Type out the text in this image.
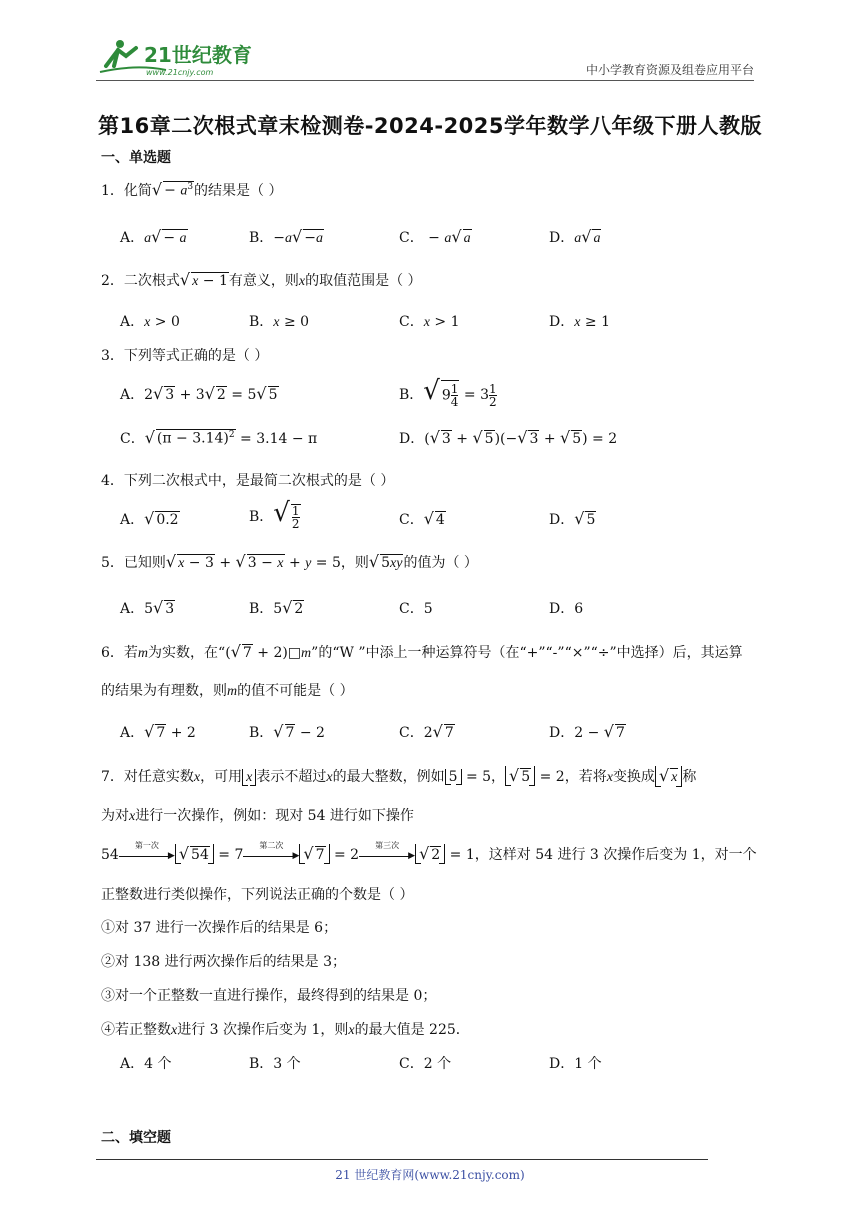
21世纪教育
www.21cnjy.com	中小学教育资源及组卷应用平台
第16章二次根式章末检测卷-2024-2025学年数学八年级下册人教版
一、单选题
1．化简√ − $a^3$的结果是（ ）
A．a√ − a	B．−a√ −a	C． − a√ a	D．a√ a
2．二次根式√ x − 1有意义，则x的取值范围是（ ）
A．x > 0	B．x ≥ 0	C．x > 1	D．x ≥ 1
3．下列等式正确的是（ ）
A．2√ 3 + 3√ 2 = 5√ 5	B．√ $9 \frac{1}{4} = 3 \frac{1}{2}$
C．√ $(\pi - 3.14)^2 = 3.14 - \pi$	D．(√ 3 + √ 5)(−√ 3 + √ 5) = 2
4．下列二次根式中，是最简二次根式的是（ ）
A．√ 0.2	B．√ $\frac{1}{2}$	C．√ 4	D．√ 5
5．已知则√ x − 3 + √ 3 − x + y = 5，则√ 5xy的值为（ ）
A．5√ 3	B．5√ 2	C．5	D．6
6．若m为实数，在“(√ 7 + 2)□m”的“W ”中添上一种运算符号（在“+”“-”“×”“÷”中选择）后，其运算
的结果为有理数，则m的值不可能是（ ）
A．√ 7 + 2	B．√ 7 − 2	C．2√ 7	D．2 − √ 7
7．对任意实数x，可用 x 表示不超过x的最大整数，例如 5 = 5， √ 5 = 2，若将x变换成 √ x 称
为对x进行一次操作，例如：现对 54 进行如下操作
54
第一次
▶ √ 54 = 7
第二次
▶ √ 7 = 2
第三次
▶ √ 2 = 1，这样对 54 进行 3 次操作后变为 1，对一个
正整数进行类似操作，下列说法正确的个数是（ ）
①对 37 进行一次操作后的结果是 6；
②对 138 进行两次操作后的结果是 3；
③对一个正整数一直进行操作，最终得到的结果是 0；
④若正整数x进行 3 次操作后变为 1，则x的最大值是 225．
A．4 个	B．3 个	C．2 个	D．1 个
二、填空题
21 世纪教育网(www.21cnjy.com)
